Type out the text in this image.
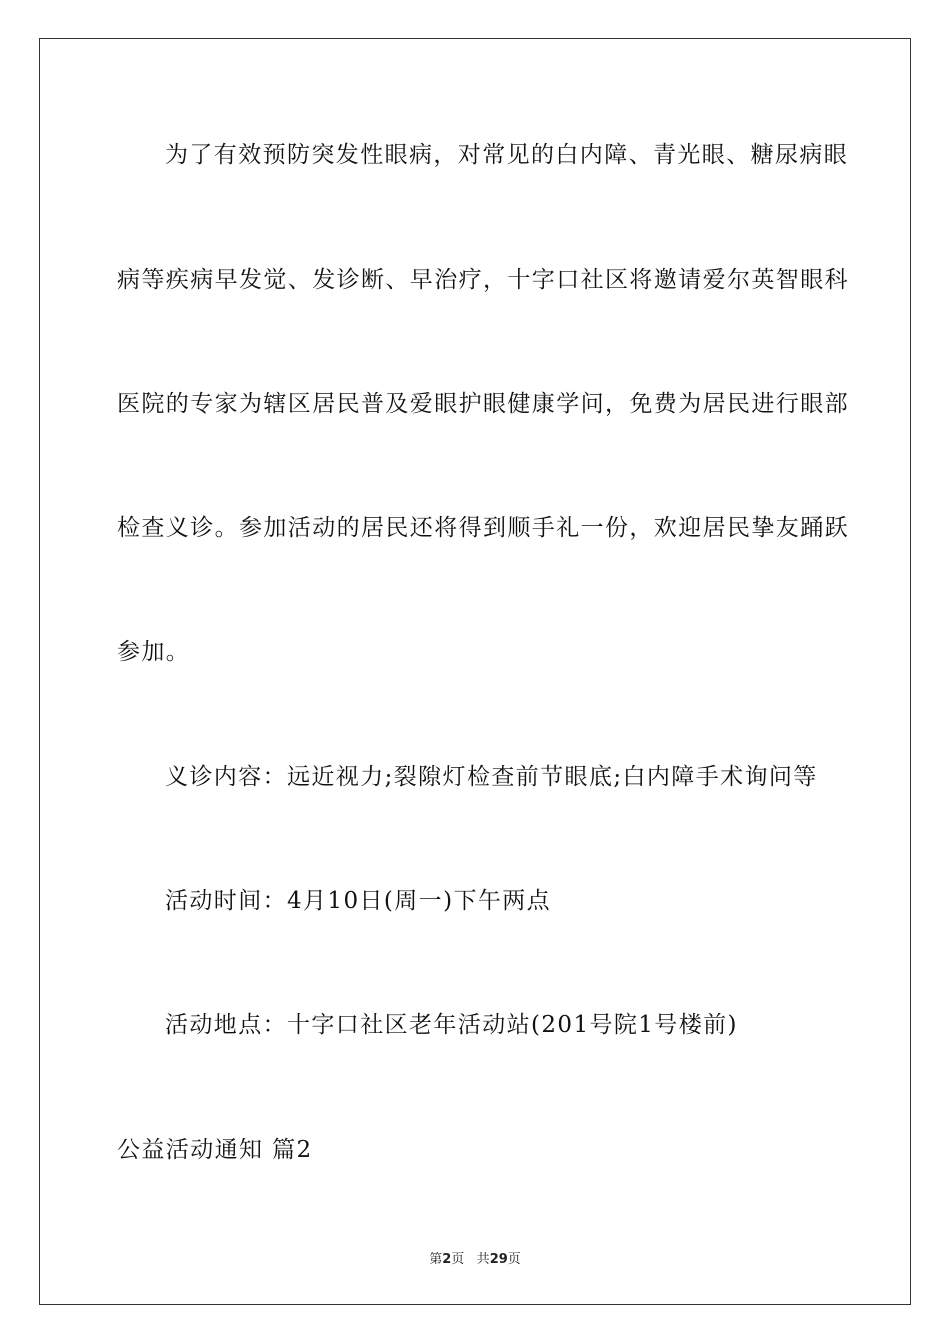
为了有效预防突发性眼病，对常见的白内障、青光眼、糖尿病眼

病等疾病早发觉、发诊断、早治疗，十字口社区将邀请爱尔英智眼科

医院的专家为辖区居民普及爱眼护眼健康学问，免费为居民进行眼部

检查义诊。参加活动的居民还将得到顺手礼一份，欢迎居民挚友踊跃

参加。

义诊内容：远近视力;裂隙灯检查前节眼底;白内障手术询问等

活动时间：4月10日(周一)下午两点

活动地点：十字口社区老年活动站(201号院1号楼前)

公益活动通知 篇2

第2页 共29页
